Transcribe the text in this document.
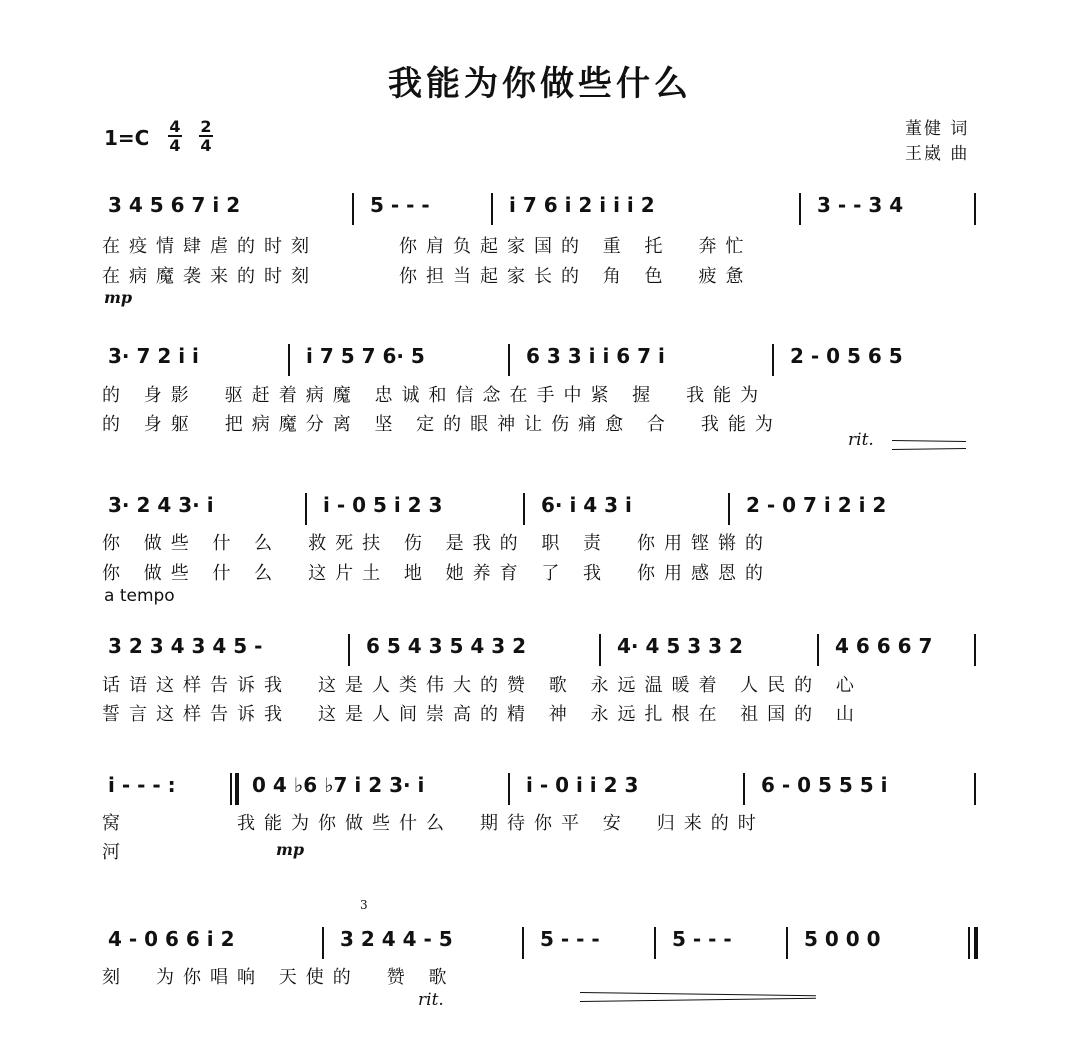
我能为你做些什么
1=C 4
4
2
4
董健 词
王崴 曲
3 4 5 6 7 i 2	5 - - -	i 7 6 i 2 i i i 2	3 - - 3 4
在疫情肆虐的时刻　　　你肩负起家国的 重 托　奔忙
在病魔袭来的时刻　　　你担当起家长的 角 色　疲惫
mp
3· 7 2 i i	i 7 5 7 6· 5	6 3 3 i i 6 7 i	2 - 0 5 6 5
的 身影　驱赶着病魔 忠诚和信念在手中紧 握　我能为
的 身躯　把病魔分离 坚 定的眼神让伤痛愈 合　我能为
rit.
3· 2 4 3· i	i - 0 5 i 2 3	6· i 4 3 i	2 - 0 7 i 2 i 2
你 做些 什 么　救死扶 伤 是我的 职 责　你用铿锵的
你 做些 什 么　这片土 地 她养育 了 我　你用感恩的
a tempo
3 2 3 4 3 4 5 -	6 5 4 3 5 4 3 2	4· 4 5 3 3 2	4 6 6 6 7
话语这样告诉我　这是人类伟大的赞 歌 永远温暖着 人民的 心
誓言这样告诉我　这是人间崇高的精 神 永远扎根在 祖国的 山
i - - - :	0 4 ♭6 ♭7 i 2 3· i	i - 0 i i 2 3	6 - 0 5 5 5 i
窝　　　　我能为你做些什么　期待你平 安　归来的时
河	mp
3
4 - 0 6 6 i 2	3 2 4 4 - 5	5 - - -	5 - - -	5 0 0 0
刻　为你唱响 天使的　赞 歌
rit.
